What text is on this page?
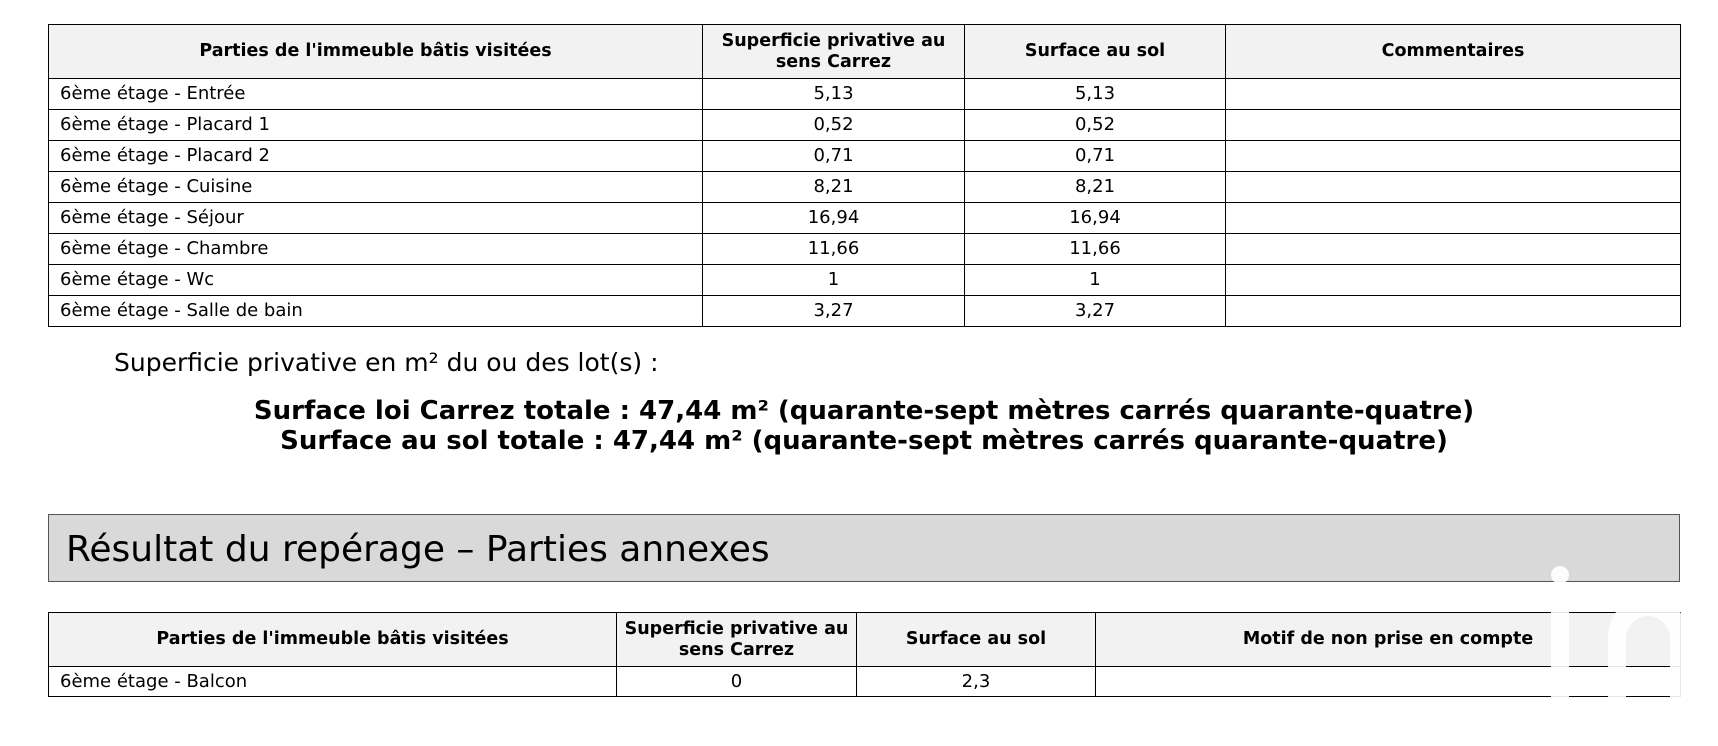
Parties de l'immeuble bâtis visitées	Superficie privative au sens Carrez	Surface au sol	Commentaires
6ème étage - Entrée	5,13	5,13	
6ème étage - Placard 1	0,52	0,52	
6ème étage - Placard 2	0,71	0,71	
6ème étage - Cuisine	8,21	8,21	
6ème étage - Séjour	16,94	16,94	
6ème étage - Chambre	11,66	11,66	
6ème étage - Wc	1	1	
6ème étage - Salle de bain	3,27	3,27	
Superficie privative en m² du ou des lot(s) :
Surface loi Carrez totale : 47,44 m² (quarante-sept mètres carrés quarante-quatre)
Surface au sol totale : 47,44 m² (quarante-sept mètres carrés quarante-quatre)
Résultat du repérage – Parties annexes
Parties de l'immeuble bâtis visitées	Superficie privative au sens Carrez	Surface au sol	Motif de non prise en compte
6ème étage - Balcon	0	2,3	
